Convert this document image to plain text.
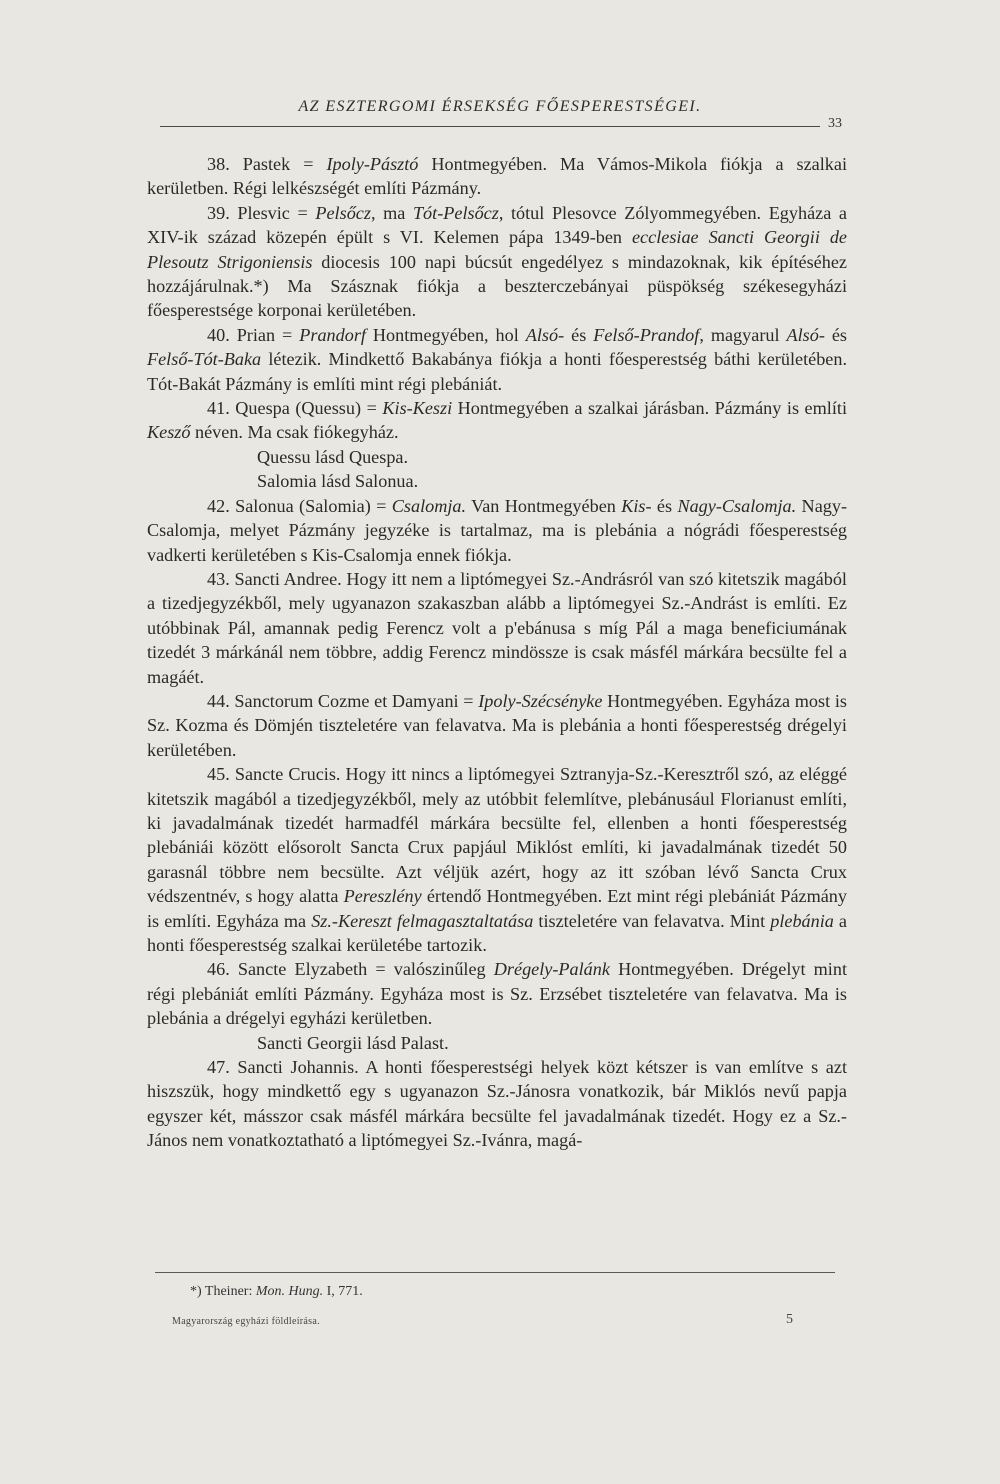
AZ ESZTERGOMI ÉRSEKSÉG FŐESPERESTSÉGEI.
33

38. Pastek = Ipoly-Pásztó Hontmegyében. Ma Vámos-Mikola fiókja a szalkai kerületben. Régi lelkészségét említi Pázmány.

39. Plesvic = Pelsőcz, ma Tót-Pelsőcz, tótul Plesovce Zólyommegyében. Egyháza a XIV-ik század közepén épült s VI. Kelemen pápa 1349-ben ecclesiae Sancti Georgii de Plesoutz Strigoniensis diocesis 100 napi búcsút engedélyez s mindazoknak, kik építéséhez hozzájárulnak.*) Ma Szásznak fiókja a beszterczebányai püspökség székesegyházi főesperestsége korponai kerületében.

40. Prian = Prandorf Hontmegyében, hol Alsó- és Felső-Prandof, magyarul Alsó- és Felső-Tót-Baka létezik. Mindkettő Bakabánya fiókja a honti főesperestség báthi kerületében. Tót-Bakát Pázmány is említi mint régi plebániát.

41. Quespa (Quessu) = Kis-Keszi Hontmegyében a szalkai járásban. Pázmány is említi Kesző néven. Ma csak fiókegyház.

Quessu lásd Quespa.

Salomia lásd Salonua.

42. Salonua (Salomia) = Csalomja. Van Hontmegyében Kis- és Nagy-Csalomja. Nagy-Csalomja, melyet Pázmány jegyzéke is tartalmaz, ma is plebánia a nógrádi főesperestség vadkerti kerületében s Kis-Csalomja ennek fiókja.

43. Sancti Andree. Hogy itt nem a liptómegyei Sz.-Andrásról van szó kitetszik magából a tizedjegyzékből, mely ugyanazon szakaszban alább a liptómegyei Sz.-Andrást is említi. Ez utóbbinak Pál, amannak pedig Ferencz volt a p'ebánusa s míg Pál a maga beneficiumának tizedét 3 márkánál nem többre, addig Ferencz mindössze is csak másfél márkára becsülte fel a magáét.

44. Sanctorum Cozme et Damyani = Ipoly-Szécsényke Hontmegyében. Egyháza most is Sz. Kozma és Dömjén tiszteletére van felavatva. Ma is plebánia a honti főesperestség drégelyi kerületében.

45. Sancte Crucis. Hogy itt nincs a liptómegyei Sztranyja-Sz.-Keresztről szó, az eléggé kitetszik magából a tizedjegyzékből, mely az utóbbit felemlítve, plebánusául Florianust említi, ki javadalmának tizedét harmadfél márkára becsülte fel, ellenben a honti főesperestség plebániái között elősorolt Sancta Crux papjául Miklóst említi, ki javadalmának tizedét 50 garasnál többre nem becsülte. Azt véljük azért, hogy az itt szóban lévő Sancta Crux védszentnév, s hogy alatta Pereszlény értendő Hontmegyében. Ezt mint régi plebániát Pázmány is említi. Egyháza ma Sz.-Kereszt felmagasztaltatása tiszteletére van felavatva. Mint plebánia a honti főesperestség szalkai kerületébe tartozik.

46. Sancte Elyzabeth = valószinűleg Drégely-Palánk Hontmegyében. Drégelyt mint régi plebániát említi Pázmány. Egyháza most is Sz. Erzsébet tiszteletére van felavatva. Ma is plebánia a drégelyi egyházi kerületben.

Sancti Georgii lásd Palast.

47. Sancti Johannis. A honti főesperestségi helyek közt kétszer is van említve s azt hiszszük, hogy mindkettő egy s ugyanazon Sz.-Jánosra vonatkozik, bár Miklós nevű papja egyszer két, másszor csak másfél márkára becsülte fel javadalmának tizedét. Hogy ez a Sz.-János nem vonatkoztatható a liptómegyei Sz.-Ivánra, magá-

*) Theiner: Mon. Hung. I, 771.
Magyarország egyházi földleírása.	5
